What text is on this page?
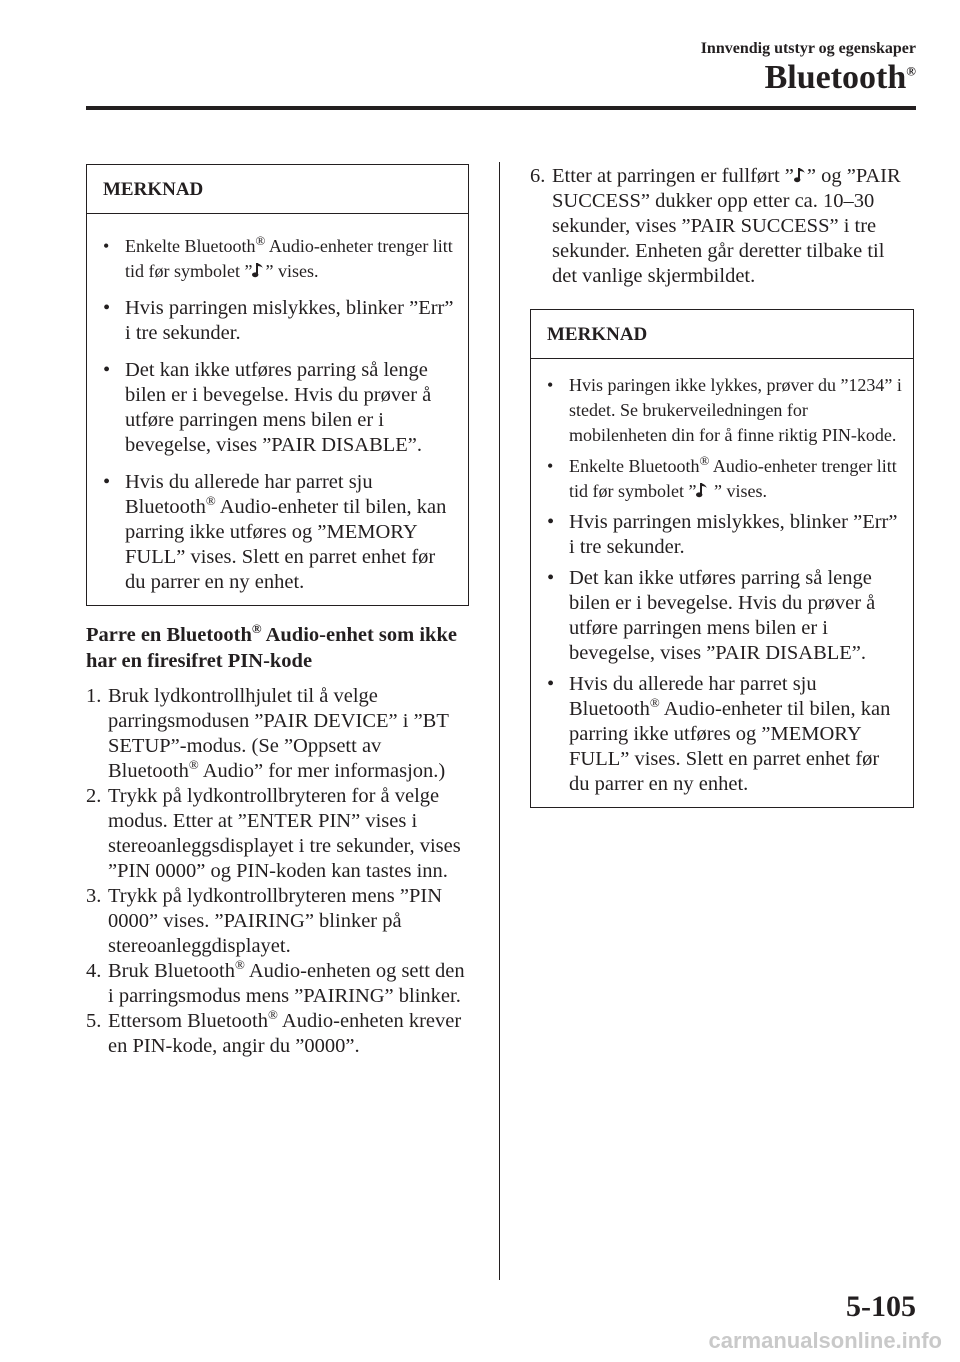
Innvendig utstyr og egenskaper
Bluetooth®
MERKNAD
• Enkelte Bluetooth® Audio-enheter trenger litt tid før symbolet ” ” vises.
• Hvis parringen mislykkes, blinker ”Err” i tre sekunder.
• Det kan ikke utføres parring så lenge bilen er i bevegelse. Hvis du prøver å utføre parringen mens bilen er i bevegelse, vises ”PAIR DISABLE”.
• Hvis du allerede har parret sju Bluetooth® Audio-enheter til bilen, kan parring ikke utføres og ”MEMORY FULL” vises. Slett en parret enhet før du parrer en ny enhet.
Parre en Bluetooth® Audio-enhet som ikke har en firesifret PIN-kode
1. Bruk lydkontrollhjulet til å velge parringsmodusen ”PAIR DEVICE” i ”BT SETUP”-modus. (Se ”Oppsett av Bluetooth® Audio” for mer informasjon.)
2. Trykk på lydkontrollbryteren for å velge modus. Etter at ”ENTER PIN” vises i stereoanleggsdisplayet i tre sekunder, vises ”PIN 0000” og PIN-koden kan tastes inn.
3. Trykk på lydkontrollbryteren mens ”PIN 0000” vises. ”PAIRING” blinker på stereoanleggdisplayet.
4. Bruk Bluetooth® Audio-enheten og sett den i parringsmodus mens ”PAIRING” blinker.
5. Ettersom Bluetooth® Audio-enheten krever en PIN-kode, angir du ”0000”.
6. Etter at parringen er fullført ” ” og ”PAIR SUCCESS” dukker opp etter ca. 10–30 sekunder, vises ”PAIR SUCCESS” i tre sekunder. Enheten går deretter tilbake til det vanlige skjermbildet.
MERKNAD
• Hvis paringen ikke lykkes, prøver du ”1234” i stedet. Se brukerveiledningen for mobilenheten din for å finne riktig PIN-kode.
• Enkelte Bluetooth® Audio-enheter trenger litt tid før symbolet ”
” vises.
• Hvis parringen mislykkes, blinker ”Err” i tre sekunder.
• Det kan ikke utføres parring så lenge bilen er i bevegelse. Hvis du prøver å utføre parringen mens bilen er i bevegelse, vises ”PAIR DISABLE”.
• Hvis du allerede har parret sju Bluetooth® Audio-enheter til bilen, kan parring ikke utføres og ”MEMORY FULL” vises. Slett en parret enhet før du parrer en ny enhet.
5-105
carmanualsonline.info
